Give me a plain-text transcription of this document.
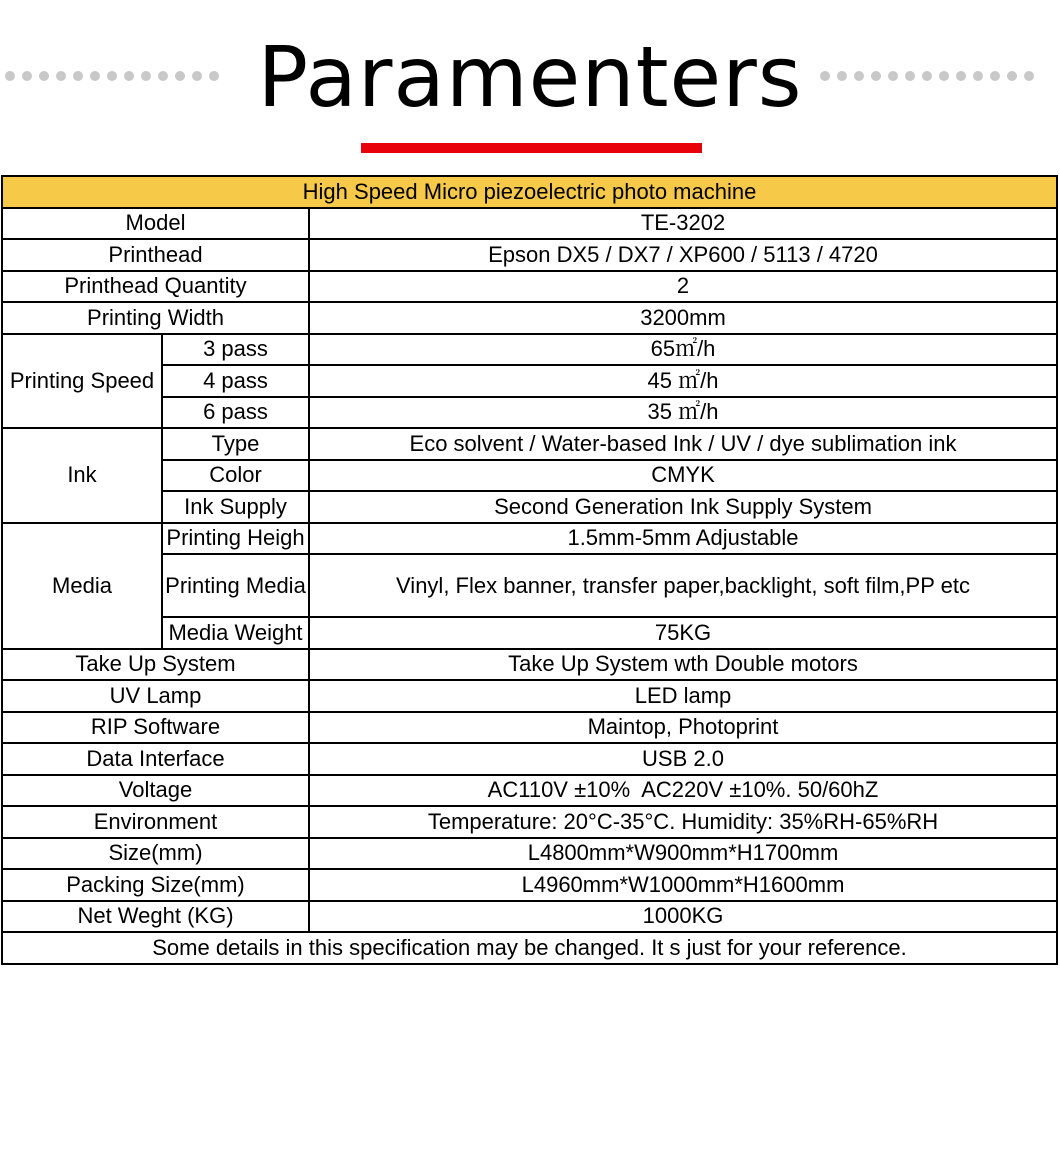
Paramenters
High Speed Micro piezoelectric photo machine		
Model		TE-3202
Printhead		Epson DX5 / DX7 / XP600 / 5113 / 4720
Printhead Quantity		2
Printing Width		3200mm
Printing Speed	3 pass	65㎡/h
	4 pass	45 ㎡/h
	6 pass	35 ㎡/h
Ink	Type	Eco solvent / Water-based Ink / UV / dye sublimation ink
	Color	CMYK
	Ink Supply	Second Generation Ink Supply System
Media	Printing Heigh	1.5mm-5mm Adjustable
	Printing Media	Vinyl, Flex banner, transfer paper,backlight, soft film,PP etc
	Media Weight	75KG
Take Up System		Take Up System wth Double motors
UV Lamp		LED lamp
RIP Software		Maintop, Photoprint
Data Interface		USB 2.0
Voltage		AC110V ±10%  AC220V ±10%. 50/60hZ
Environment		Temperature: 20°C-35°C. Humidity: 35%RH-65%RH
Size(mm)		L4800mm*W900mm*H1700mm
Packing Size(mm)		L4960mm*W1000mm*H1600mm
Net Weght (KG)		1000KG
Some details in this specification may be changed. It s just for your reference.		
